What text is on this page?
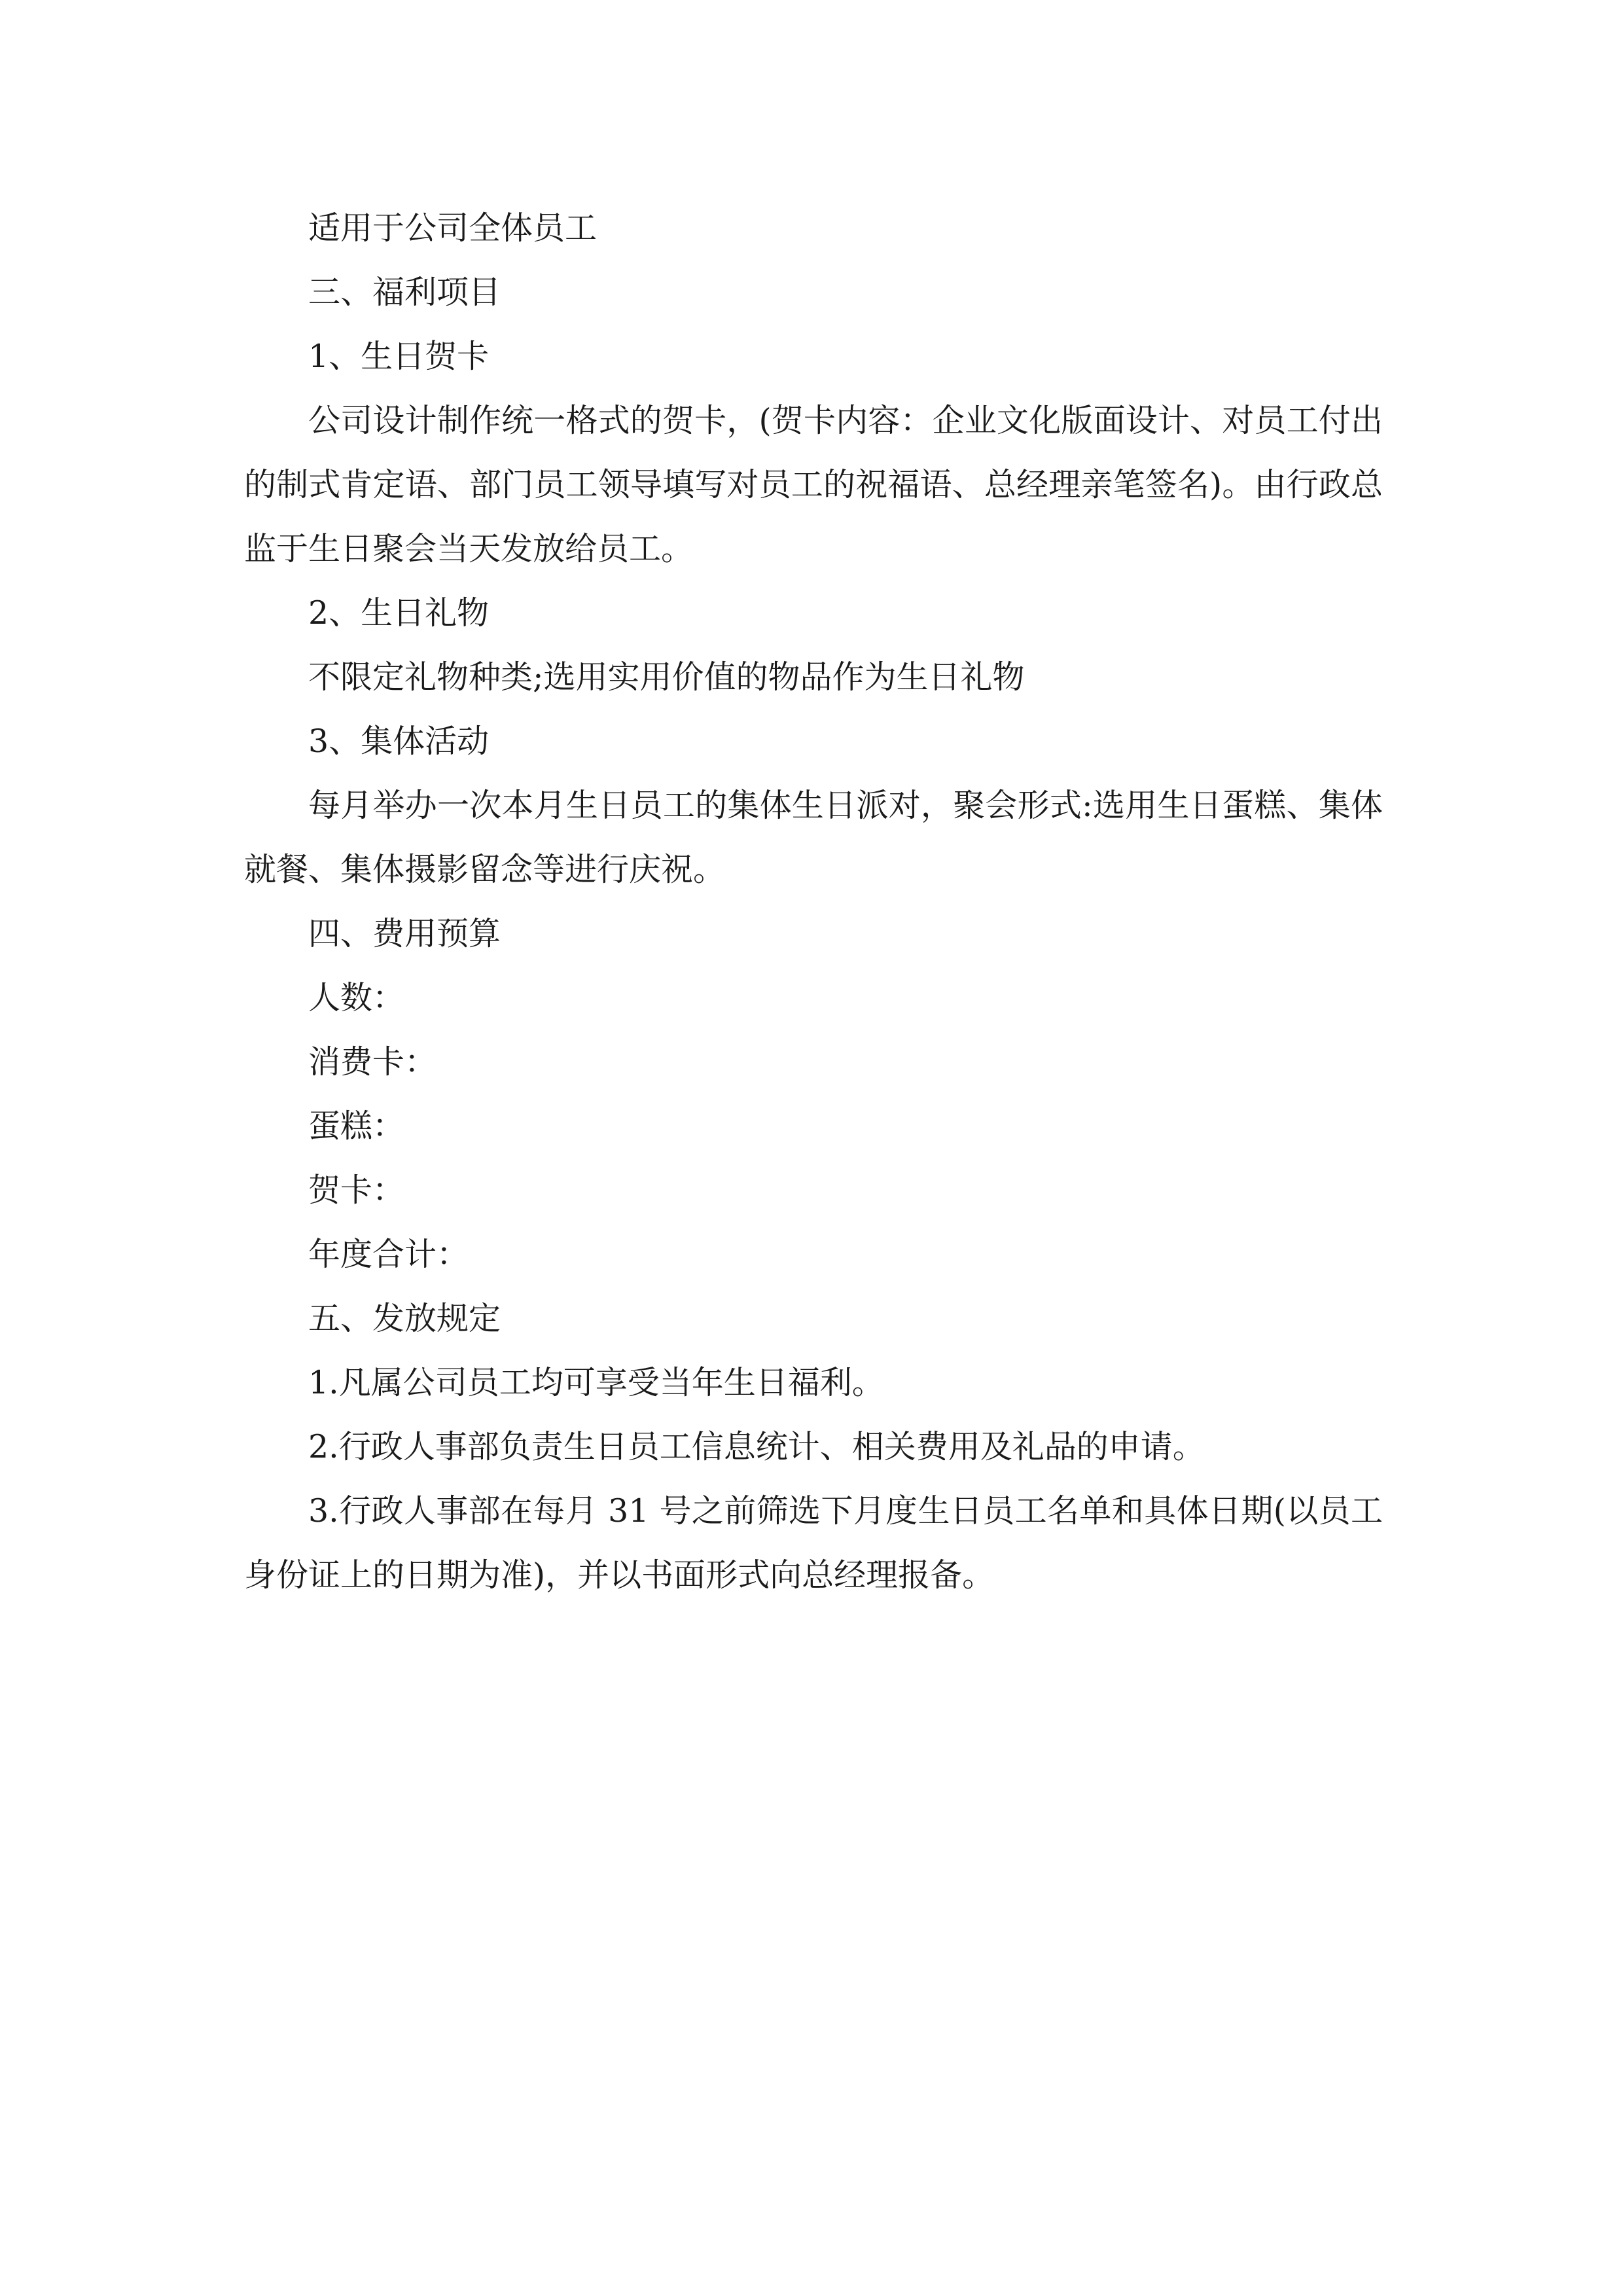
适用于公司全体员工

三、福利项目

1、生日贺卡

公司设计制作统一格式的贺卡，(贺卡内容：企业文化版面设计、对员工付出的制式肯定语、部门员工领导填写对员工的祝福语、总经理亲笔签名)。由行政总监于生日聚会当天发放给员工。

2、生日礼物

不限定礼物种类;选用实用价值的物品作为生日礼物

3、集体活动

每月举办一次本月生日员工的集体生日派对，聚会形式:选用生日蛋糕、集体就餐、集体摄影留念等进行庆祝。

四、费用预算

人数：

消费卡：

蛋糕：

贺卡：

年度合计：

五、发放规定

1.凡属公司员工均可享受当年生日福利。

2.行政人事部负责生日员工信息统计、相关费用及礼品的申请。

3.行政人事部在每月 31 号之前筛选下月度生日员工名单和具体日期(以员工身份证上的日期为准)，并以书面形式向总经理报备。
